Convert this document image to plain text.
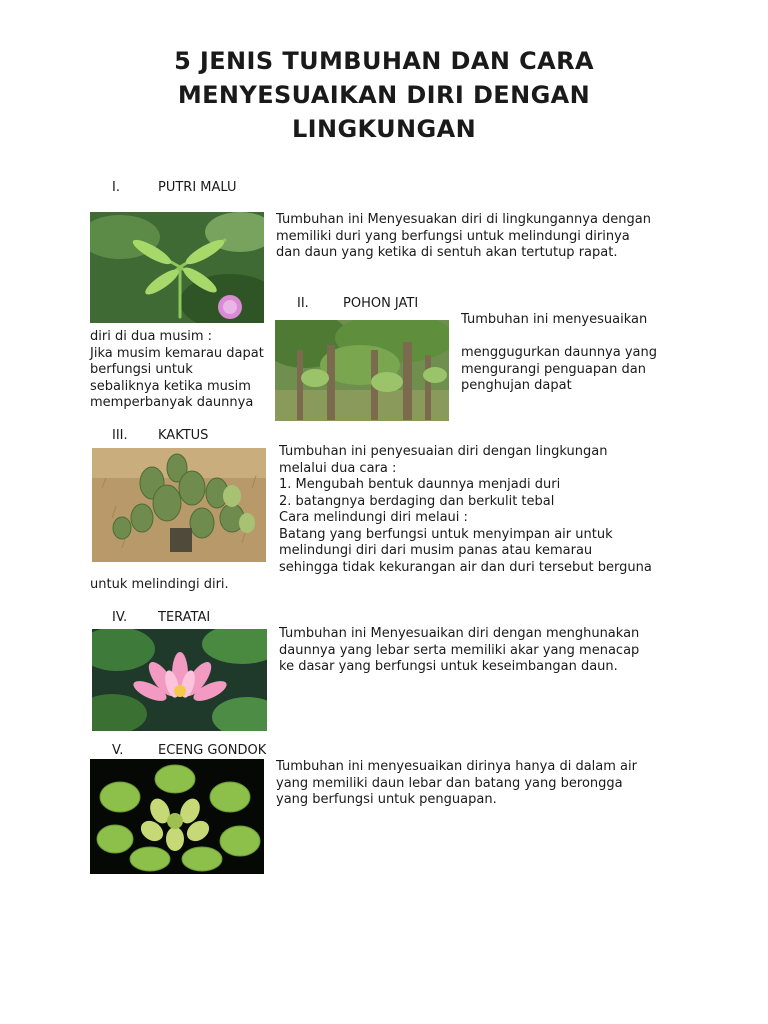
5 JENIS TUMBUHAN DAN CARA
MENYESUAIKAN DIRI DENGAN
LINGKUNGAN
I.	PUTRI MALU
Tumbuhan ini Menyesuakan diri di lingkungannya dengan
memiliki duri yang berfungsi untuk melindungi dirinya
dan daun yang ketika di sentuh akan tertutup rapat.
II.	POHON JATI
Tumbuhan ini menyesuaikan

menggugurkan daunnya yang
mengurangi penguapan dan
penghujan dapat
diri di dua musim :
Jika musim kemarau dapat
berfungsi untuk
sebaliknya ketika musim
memperbanyak daunnya
III. KAKTUS
Tumbuhan ini penyesuaian diri dengan lingkungan
melalui dua cara :
1. Mengubah bentuk daunnya menjadi duri
2. batangnya berdaging dan berkulit tebal
Cara melindungi diri melaui :
Batang yang berfungsi untuk menyimpan air untuk
melindungi diri dari musim panas atau kemarau
sehingga tidak kekurangan air dan duri tersebut berguna
untuk melindingi diri.
IV. TERATAI
Tumbuhan ini Menyesuaikan diri dengan menghunakan
daunnya yang lebar serta memiliki akar yang menacap
ke dasar yang berfungsi untuk keseimbangan daun.
V.	ECENG GONDOK
Tumbuhan ini menyesuaikan dirinya hanya di dalam air
yang memiliki daun lebar dan batang yang berongga
yang berfungsi untuk penguapan.
